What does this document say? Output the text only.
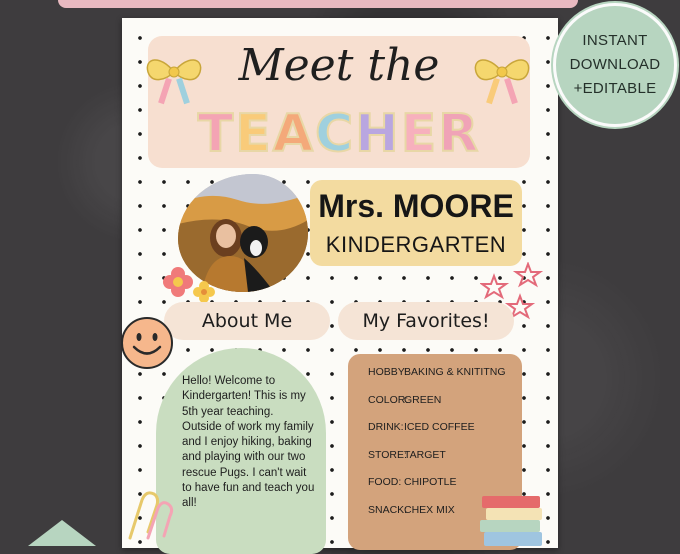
Meet the
TEACHER
Mrs. MOORE
KINDERGARTEN
About Me	My Favorites!
Hello! Welcome to Kindergarten! This is my 5th year teaching. Outside of work my family and I enjoy hiking, baking and playing with our two rescue Pugs. I can't wait to have fun and teach you all!
HOBBY:
BAKING & KNITITNG
COLOR:
GREEN
DRINK: ICED COFFEE
STORE:
TARGET
FOOD: CHIPOTLE
SNACK:
CHEX MIX
INSTANT
DOWNLOAD
+EDITABLE
